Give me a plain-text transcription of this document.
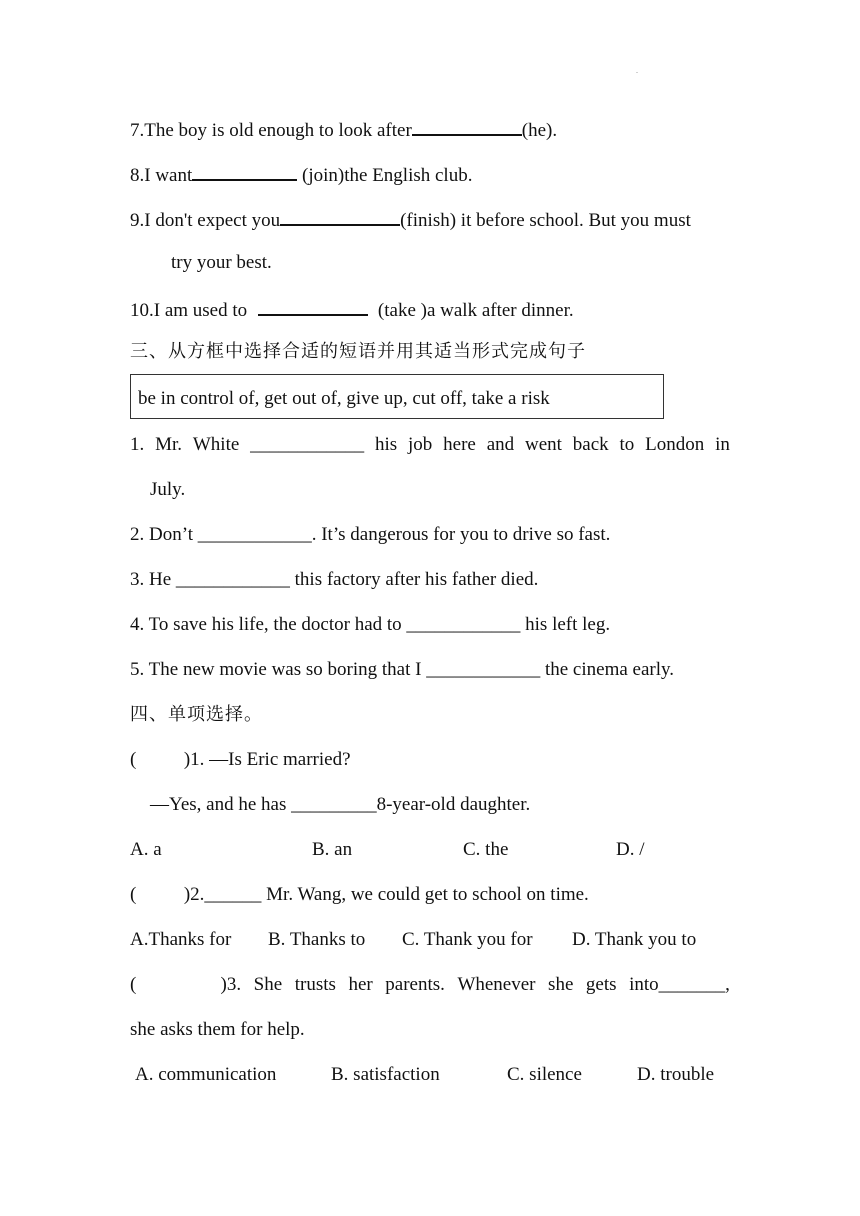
.
7.The boy is old enough to look after	(he).
8.I want	(join)the English club.
9.I don't expect you	(finish) it before school. But you must
try your best.
10.I am used to	(take )a walk after dinner.
三、从方框中选择合适的短语并用其适当形式完成句子
be in control of, get out of, give up, cut off, take a risk
1. Mr. White ____________ his job here and went back to London in
July.
2. Don’t ____________. It’s dangerous for you to drive so fast.
3. He ____________ this factory after his father died.
4. To save his life, the doctor had to ____________ his left leg.
5. The new movie was so boring that I ____________ the cinema early.
四、单项选择。
(          )1. —Is Eric married?
—Yes, and he has _________8-year-old daughter.
A. a	B. an	C. the	D. /
(          )2.______ Mr. Wang, we could get to school on time.
A.Thanks for B. Thanks to C. Thank you for D. Thank you to
(	)3. She trusts her parents. Whenever she gets into_______,
she asks them for help.
A. communication	B. satisfaction	C. silence	D. trouble
